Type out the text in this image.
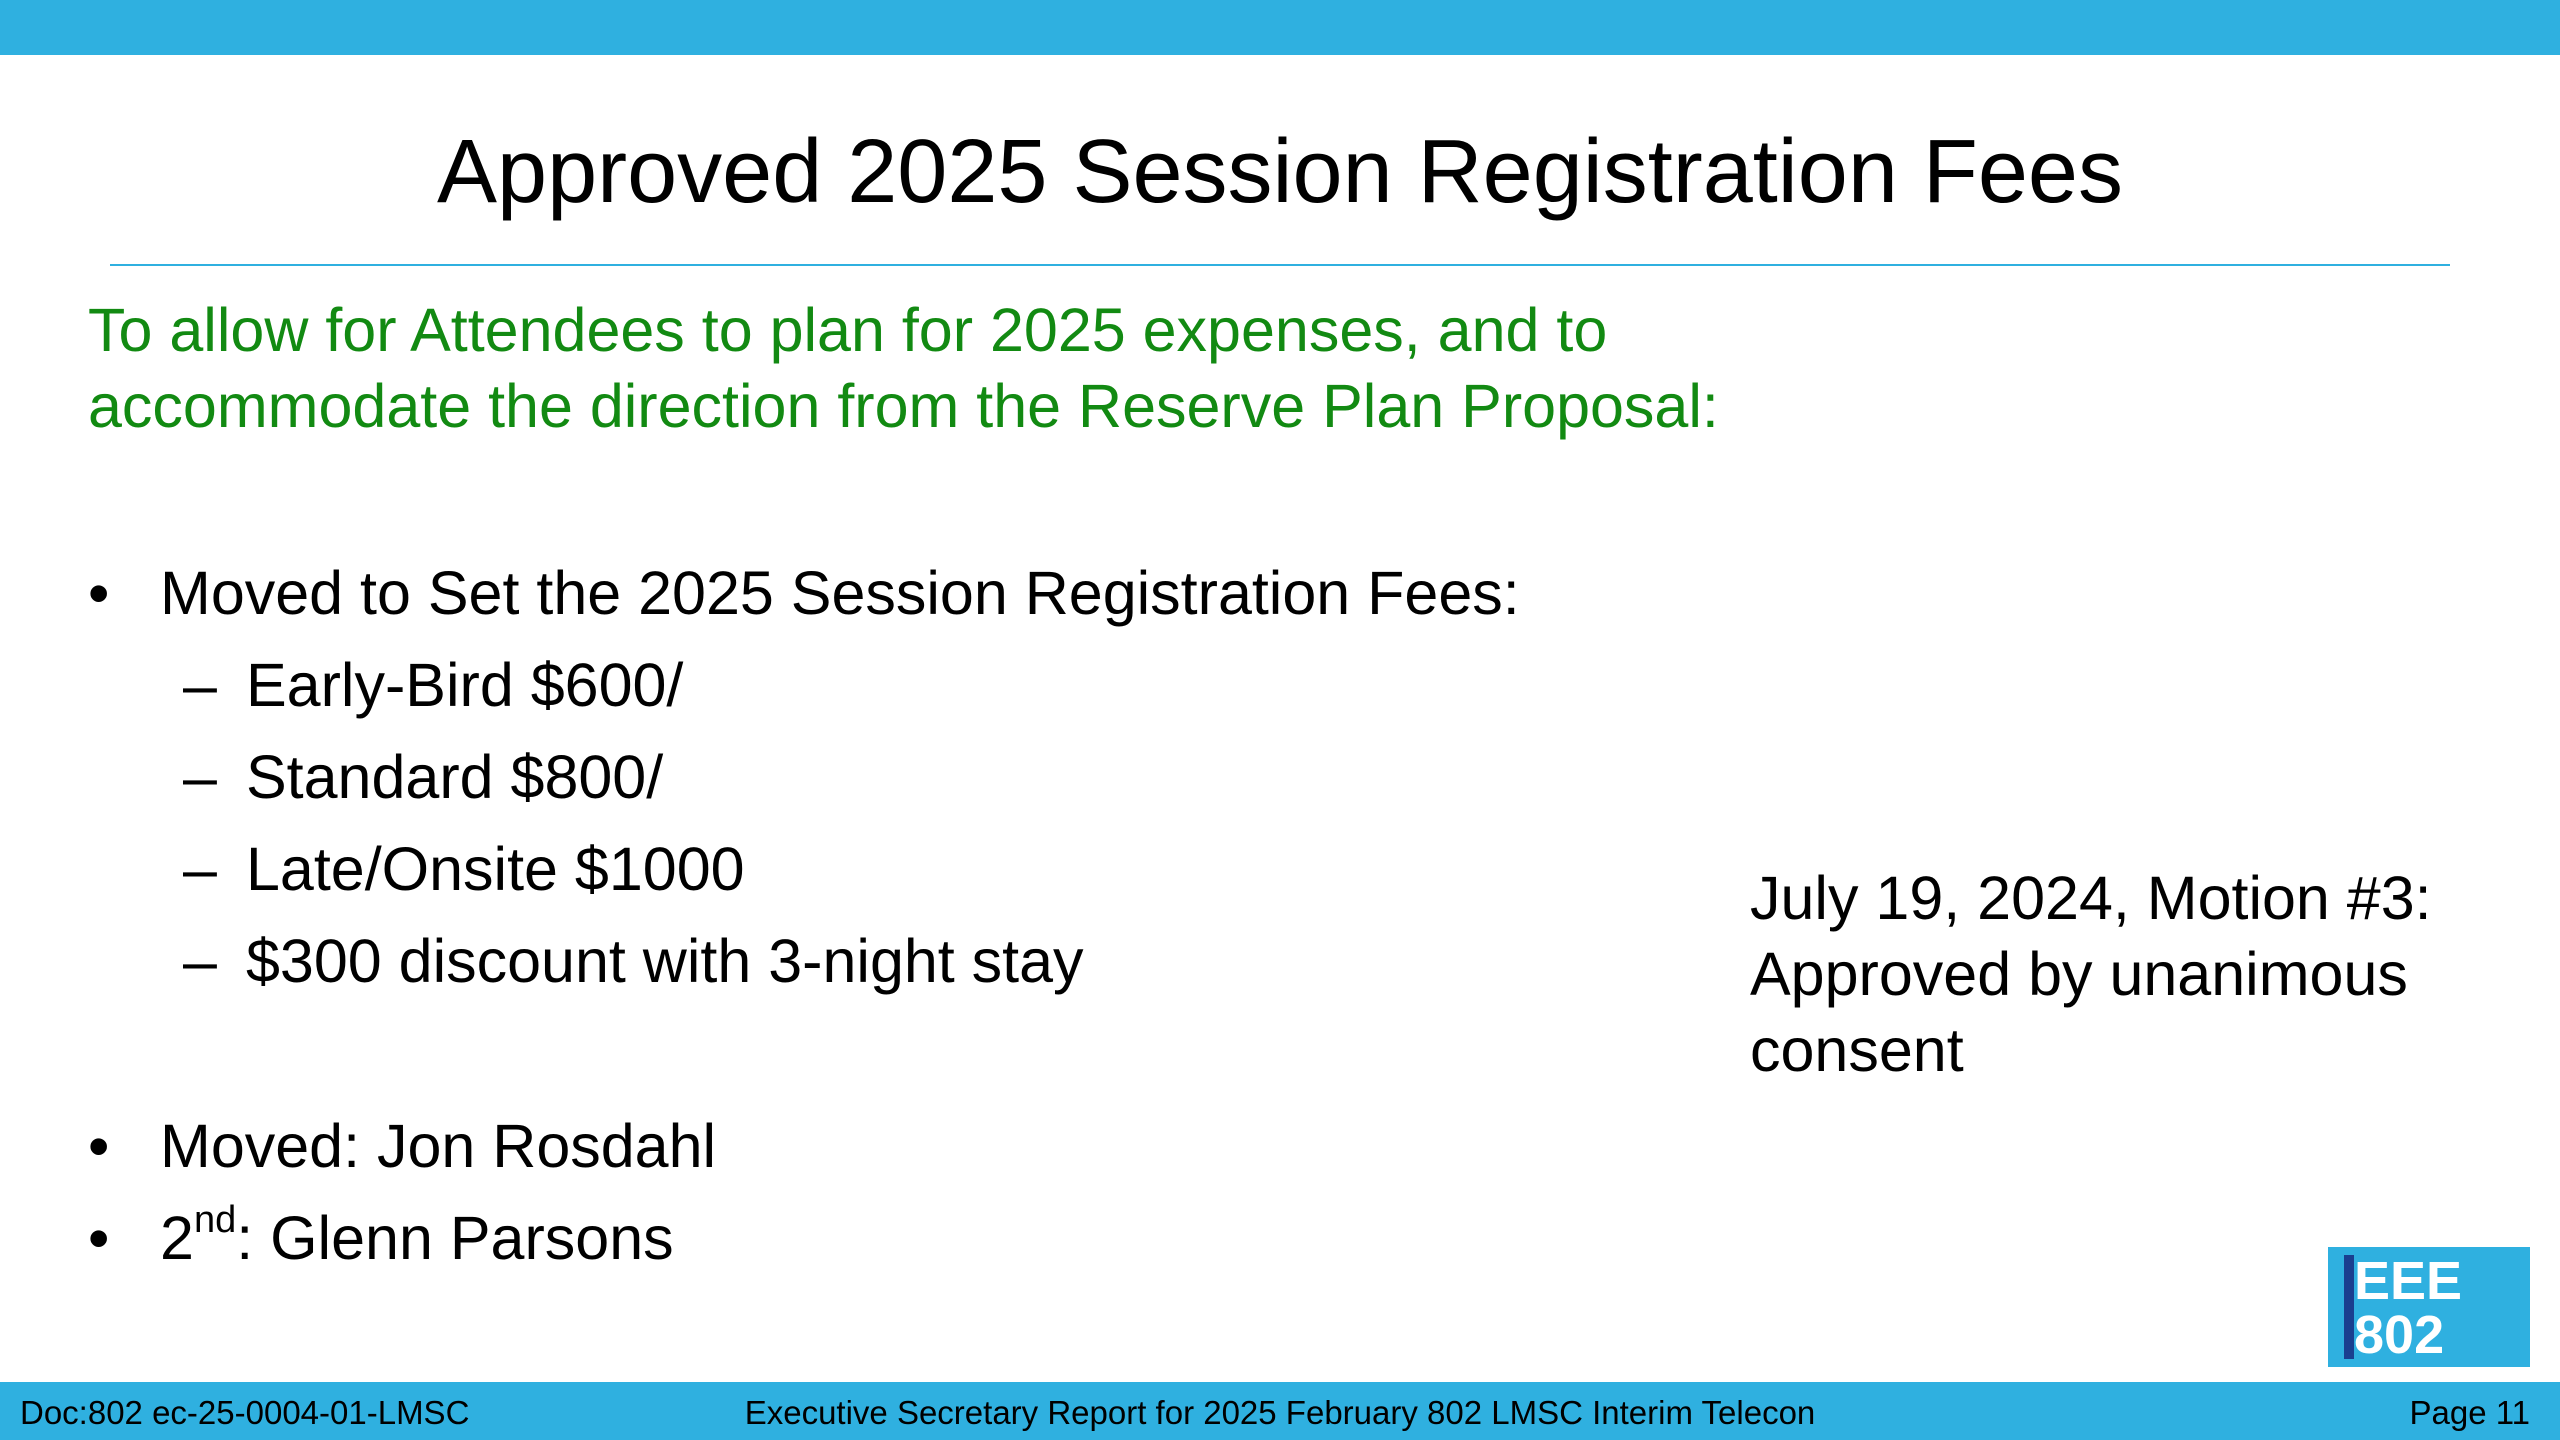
Approved 2025 Session Registration Fees
To allow for Attendees to plan for 2025 expenses, and to
accommodate the direction from the Reserve Plan Proposal:
• Moved to Set the 2025 Session Registration Fees:
– Early-Bird $600/
– Standard $800/
– Late/Onsite $1000
– $300 discount with 3-night stay
• Moved: Jon Rosdahl
• 2nd: Glenn Parsons
July 19, 2024, Motion #3:
Approved by unanimous
consent
EEE
802
Executive Secretary Report for 2025 February 802 LMSC Interim Telecon
Doc:802 ec-25-0004-01-LMSC	Page 11
